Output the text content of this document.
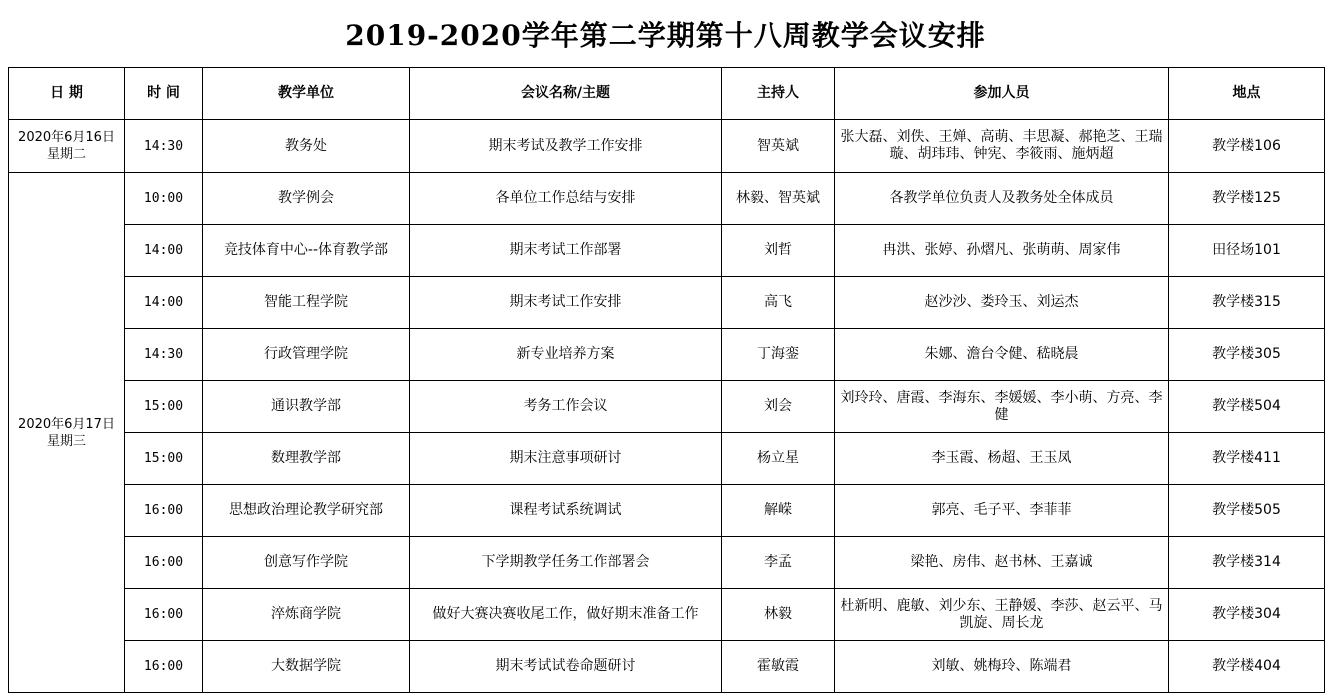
2019-2020学年第二学期第十八周教学会议安排
日 期	时 间	教学单位	会议名称/主题	主持人	参加人员	地点

2020年6月16日
星期二	14:30	教务处	期末考试及教学工作安排	智英斌	张大磊、刘佚、王婵、高萌、丰思凝、郝艳芝、王瑞璇、胡玮玮、钟宪、李筱雨、施炳超	教学楼106

2020年6月17日
星期三	10:00	教学例会	各单位工作总结与安排	林毅、智英斌	各教学单位负责人及教务处全体成员	教学楼125
	14:00	竞技体育中心--体育教学部	期末考试工作部署	刘哲	冉洪、张婷、孙熠凡、张萌萌、周家伟	田径场101
	14:00	智能工程学院	期末考试工作安排	高飞	赵沙沙、娄玲玉、刘运杰	教学楼315
	14:30	行政管理学院	新专业培养方案	丁海銮	朱娜、澹台令健、嵇晓晨	教学楼305
	15:00	通识教学部	考务工作会议	刘会	刘玲玲、唐霞、李海东、李媛媛、李小萌、方亮、李健	教学楼504
	15:00	数理教学部	期末注意事项研讨	杨立星	李玉霞、杨超、王玉凤	教学楼411
	16:00	思想政治理论教学研究部	课程考试系统调试	解嵘	郭亮、毛子平、李菲菲	教学楼505
	16:00	创意写作学院	下学期教学任务工作部署会	李孟	梁艳、房伟、赵书林、王嘉诚	教学楼314
	16:00	淬炼商学院	做好大赛决赛收尾工作，做好期末准备工作	林毅	杜新明、鹿敏、刘少东、王静媛、李莎、赵云平、马凯旋、周长龙	教学楼304
	16:00	大数据学院	期末考试试卷命题研讨	霍敏霞	刘敏、姚梅玲、陈端君	教学楼404
